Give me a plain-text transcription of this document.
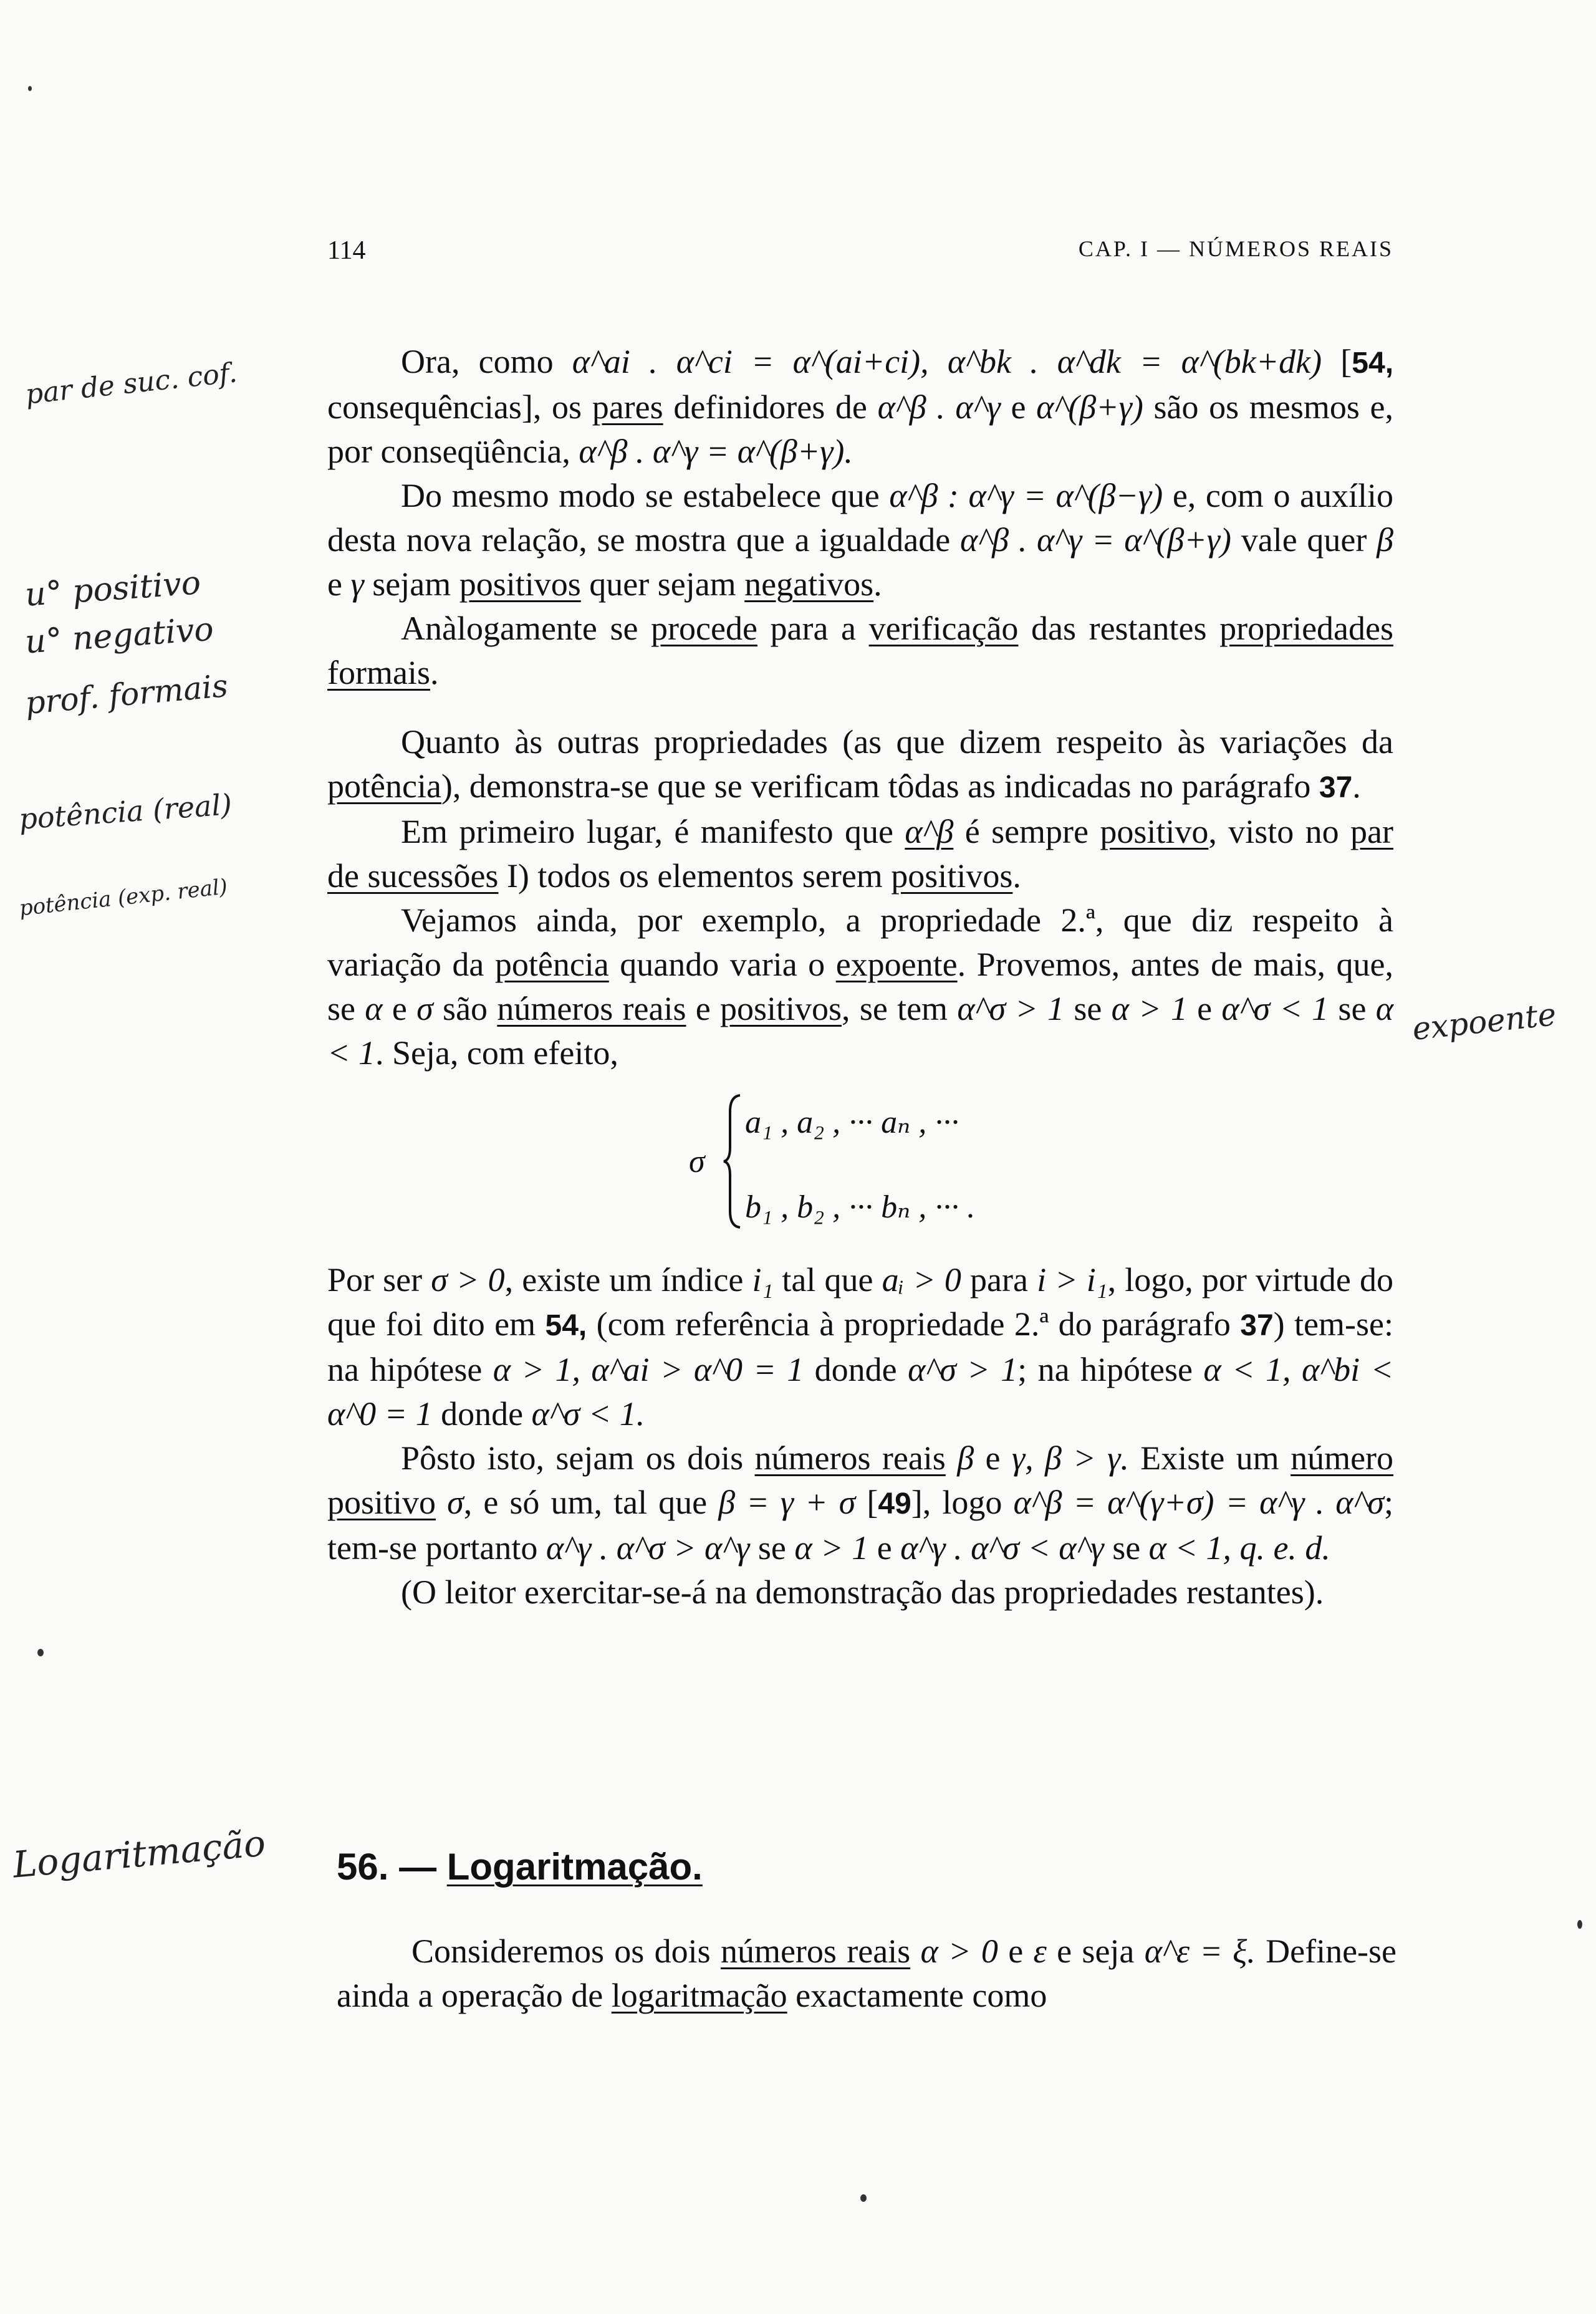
114	CAP. I — NÚMEROS REAIS

Ora, como α^ai . α^ci = α^(ai+ci), α^bk . α^dk = α^(bk+dk) [54, consequências], os pares definidores de α^β . α^γ e α^(β+γ) são os mesmos e, por conseqüência, α^β . α^γ = α^(β+γ).

Do mesmo modo se estabelece que α^β : α^γ = α^(β−γ) e, com o auxílio desta nova relação, se mostra que a igualdade α^β . α^γ = α^(β+γ) vale quer β e γ sejam positivos quer sejam negativos.

Anàlogamente se procede para a verificação das restantes propriedades formais.

Quanto às outras propriedades (as que dizem respeito às variações da potência), demonstra-se que se verificam tôdas as indicadas no parágrafo 37.

Em primeiro lugar, é manifesto que α^β é sempre positivo, visto no par de sucessões I) todos os elementos serem positivos.

Vejamos ainda, por exemplo, a propriedade 2.ª, que diz respeito à variação da potência quando varia o expoente. Provemos, antes de mais, que, se α e σ são números reais e positivos, se tem α^σ > 1 se α > 1 e α^σ < 1 se α < 1. Seja, com efeito,

σ
a₁ , a₂ , ··· aₙ , ···
b₁ , b₂ , ··· bₙ , ··· .

Por ser σ > 0, existe um índice i₁ tal que aᵢ > 0 para i > i₁, logo, por virtude do que foi dito em 54, (com referência à propriedade 2.ª do parágrafo 37) tem-se: na hipótese α > 1, α^ai > α^0 = 1 donde α^σ > 1; na hipótese α < 1, α^bi < α^0 = 1 donde α^σ < 1.

Pôsto isto, sejam os dois números reais β e γ, β > γ. Existe um número positivo σ, e só um, tal que β = γ + σ [49], logo α^β = α^(γ+σ) = α^γ . α^σ; tem-se portanto α^γ . α^σ > α^γ se α > 1 e α^γ . α^σ < α^γ se α < 1, q. e. d.

(O leitor exercitar-se-á na demonstração das propriedades restantes).

56. — Logaritmação.

Consideremos os dois números reais α > 0 e ε e seja α^ε = ξ. Define-se ainda a operação de logaritmação exactamente como

par de suc. cof.
u° positivo
u° negativo
prof. formais
potência (real)
potência (exp. real)
expoente
Logaritmação
